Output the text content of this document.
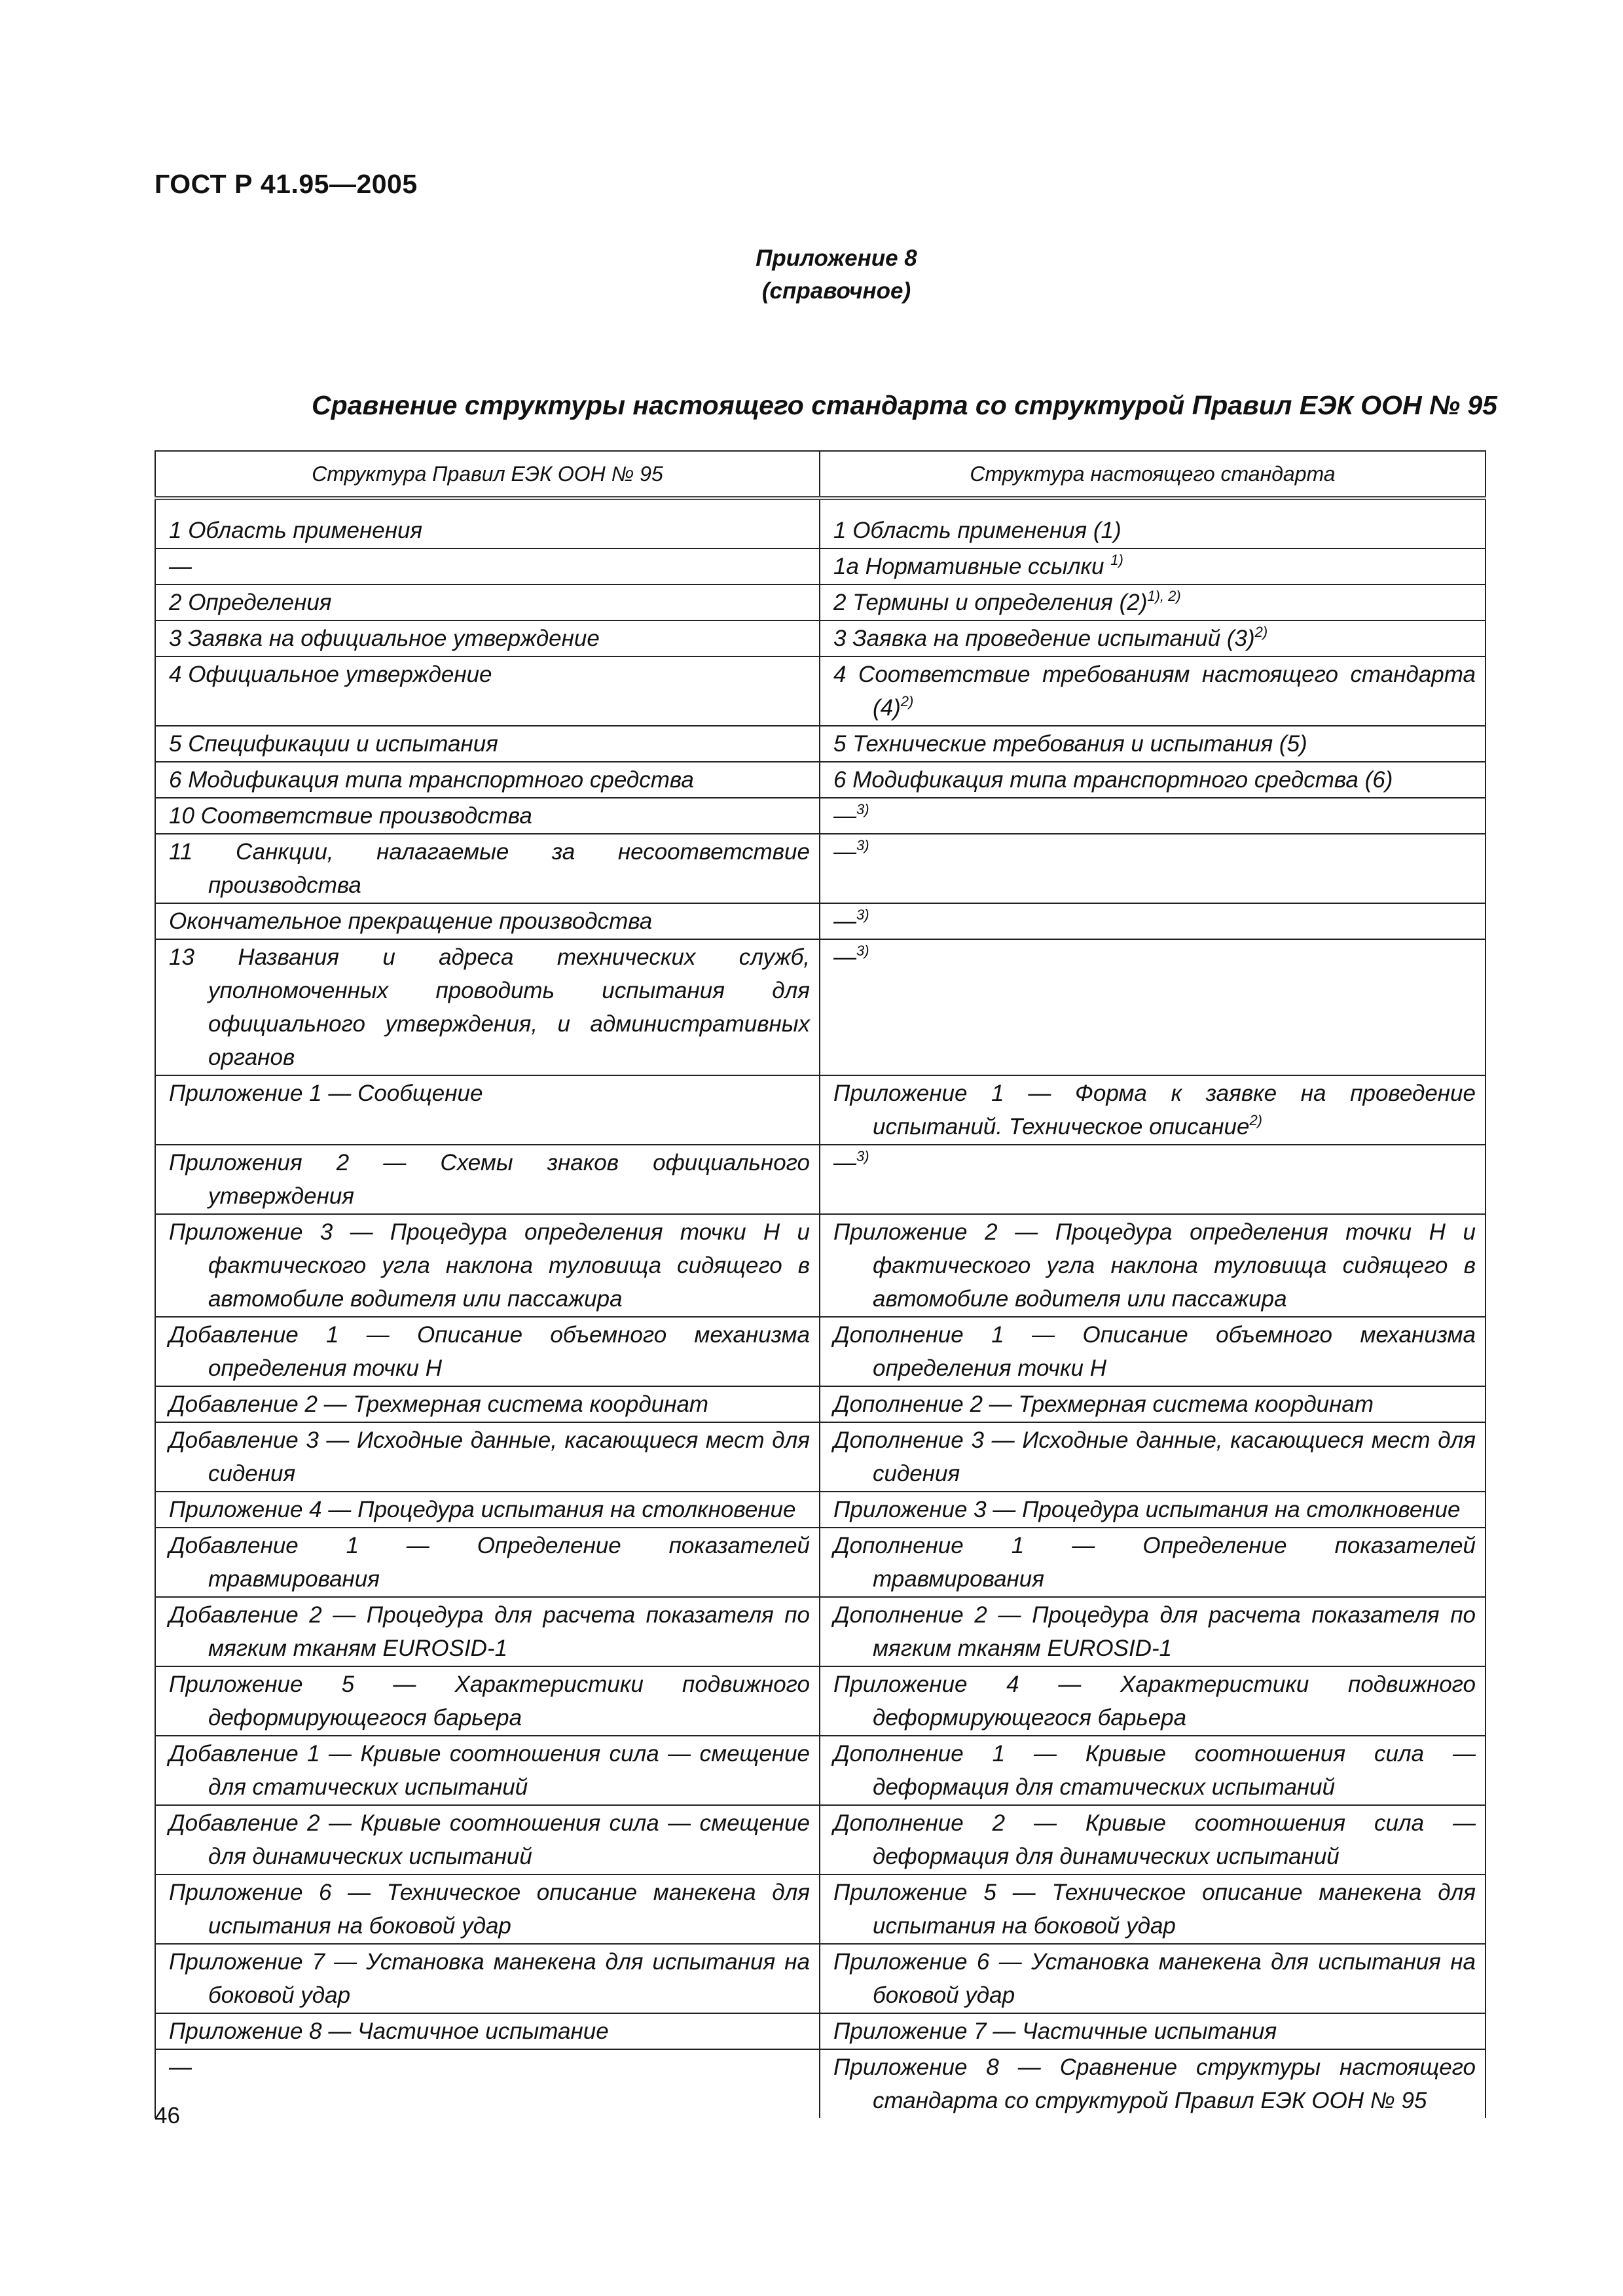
ГОСТ Р 41.95—2005
Приложение 8
(справочное)
Сравнение структуры настоящего стандарта со структурой Правил ЕЭК ООН № 95
Структура Правил ЕЭК ООН № 95	Структура настоящего стандарта

1 Область применения	1 Область применения (1)

—	1а Нормативные ссылки $^{1)}$

2 Определения	2 Термины и определения $(2)^{1), 2)}$

3 Заявка на официальное утверждение	3 Заявка на проведение испытаний $(3)^{2)}$

4 Официальное утверждение	4 Соответствие требованиям настоящего стандарта $(4)^{2)}$

5 Спецификации и испытания	5 Технические требования и испытания (5)

6 Модификация типа транспортного средства	6 Модификация типа транспортного средства (6)

10 Соответствие производства	—$^{3)}$

11 Санкции, налагаемые за несоответствие производства	—$^{3)}$

Окончательное прекращение производства	—$^{3)}$

13 Названия и адреса технических служб, уполномоченных проводить испытания для официального утверждения, и административных органов	—$^{3)}$

Приложение 1 — Сообщение	Приложение 1 — Форма к заявке на проведение испытаний. Техническое описание$^{2)}$

Приложения 2 — Схемы знаков официального утверждения	—$^{3)}$

Приложение 3 — Процедура определения точки Н и фактического угла наклона туловища сидящего в автомобиле водителя или пассажира	Приложение 2 — Процедура определения точки Н и фактического угла наклона туловища сидящего в автомобиле водителя или пассажира

Добавление 1 — Описание объемного механизма определения точки Н	Дополнение 1 — Описание объемного механизма определения точки Н

Добавление 2 — Трехмерная система координат	Дополнение 2 — Трехмерная система координат

Добавление 3 — Исходные данные, касающиеся мест для сидения	Дополнение 3 — Исходные данные, касающиеся мест для сидения

Приложение 4 — Процедура испытания на столкновение	Приложение 3 — Процедура испытания на столкновение

Добавление 1 — Определение показателей травмирования	Дополнение 1 — Определение показателей травмирования

Добавление 2 — Процедура для расчета показателя по мягким тканям EUROSID-1	Дополнение 2 — Процедура для расчета показателя по мягким тканям EUROSID-1

Приложение 5 — Характеристики подвижного деформирующегося барьера	Приложение 4 — Характеристики подвижного деформирующегося барьера

Добавление 1 — Кривые соотношения сила — смещение для статических испытаний	Дополнение 1 — Кривые соотношения сила — деформация для статических испытаний

Добавление 2 — Кривые соотношения сила — смещение для динамических испытаний	Дополнение 2 — Кривые соотношения сила — деформация для динамических испытаний

Приложение 6 — Техническое описание манекена для испытания на боковой удар	Приложение 5 — Техническое описание манекена для испытания на боковой удар

Приложение 7 — Установка манекена для испытания на боковой удар	Приложение 6 — Установка манекена для испытания на боковой удар

Приложение 8 — Частичное испытание	Приложение 7 — Частичные испытания

—	Приложение 8 — Сравнение структуры настоящего стандарта со структурой Правил ЕЭК ООН № 95
46
